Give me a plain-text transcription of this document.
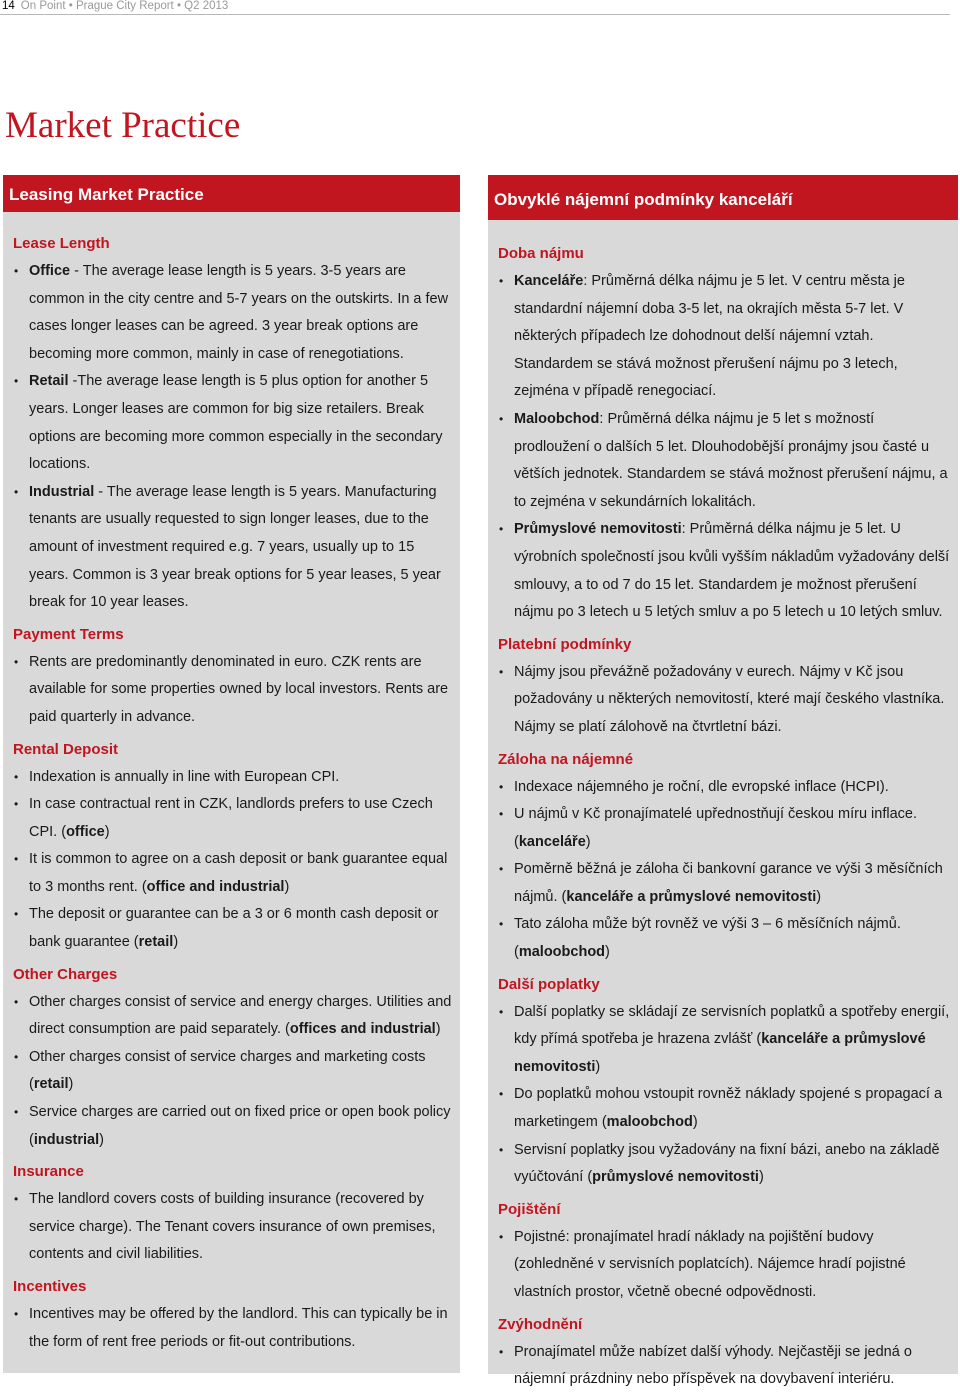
14 On Point • Prague City Report • Q2 2013
Market Practice
Leasing Market Practice
Lease Length
• Office - The average lease length is 5 years. 3-5 years are common in the city centre and 5-7 years on the outskirts. In a few cases longer leases can be agreed. 3 year break options are becoming more common, mainly in case of renegotiations.
• Retail -The average lease length is 5 plus option for another 5 years. Longer leases are common for big size retailers. Break options are becoming more common especially in the secondary locations.
• Industrial - The average lease length is 5 years. Manufacturing tenants are usually requested to sign longer leases, due to the amount of investment required e.g. 7 years, usually up to 15 years. Common is 3 year break options for 5 year leases, 5 year break for 10 year leases.
Payment Terms
• Rents are predominantly denominated in euro. CZK rents are available for some properties owned by local investors. Rents are paid quarterly in advance.
Rental Deposit
• Indexation is annually in line with European CPI.
• In case contractual rent in CZK, landlords prefers to use Czech CPI. (office)
• It is common to agree on a cash deposit or bank guarantee equal to 3 months rent. (office and industrial)
• The deposit or guarantee can be a 3 or 6 month cash deposit or bank guarantee (retail)
Other Charges
• Other charges consist of service and energy charges. Utilities and direct consumption are paid separately. (offices and industrial)
• Other charges consist of service charges and marketing costs (retail)
• Service charges are carried out on fixed price or open book policy (industrial)
Insurance
• The landlord covers costs of building insurance (recovered by service charge). The Tenant covers insurance of own premises, contents and civil liabilities.
Incentives
• Incentives may be offered by the landlord. This can typically be in the form of rent free periods or fit-out contributions.
Obvyklé nájemní podmínky kanceláří
Doba nájmu
• Kanceláře: Průměrná délka nájmu je 5 let. V centru města je standardní nájemní doba 3-5 let, na okrajích města 5-7 let. V některých případech lze dohodnout delší nájemní vztah. Standardem se stává možnost přerušení nájmu po 3 letech, zejména v případě renegociací.
• Maloobchod: Průměrná délka nájmu je 5 let s možností prodloužení o dalších 5 let. Dlouhodobější pronájmy jsou časté u větších jednotek. Standardem se stává možnost přerušení nájmu, a to zejména v sekundárních lokalitách.
• Průmyslové nemovitosti: Průměrná délka nájmu je 5 let. U výrobních společností jsou kvůli vyšším nákladům vyžadovány delší smlouvy, a to od 7 do 15 let. Standardem je možnost přerušení nájmu po 3 letech u 5 letých smluv a po 5 letech u 10 letých smluv.
Platební podmínky
• Nájmy jsou převážně požadovány v eurech. Nájmy v Kč jsou požadovány u některých nemovitostí, které mají českého vlastníka. Nájmy se platí zálohově na čtvrtletní bázi.
Záloha na nájemné
• Indexace nájemného je roční, dle evropské inflace (HCPI).
• U nájmů v Kč pronajímatelé upřednostňují českou míru inflace. (kanceláře)
• Poměrně běžná je záloha či bankovní garance ve výši 3 měsíčních nájmů. (kanceláře a průmyslové nemovitosti)
• Tato záloha může být rovněž ve výši 3 – 6 měsíčních nájmů. (maloobchod)
Další poplatky
• Další poplatky se skládají ze servisních poplatků a spotřeby energií, kdy přímá spotřeba je hrazena zvlášť (kanceláře a průmyslové nemovitosti)
• Do poplatků mohou vstoupit rovněž náklady spojené s propagací a marketingem (maloobchod)
• Servisní poplatky jsou vyžadovány na fixní bázi, anebo na základě vyúčtování (průmyslové nemovitosti)
Pojištění
• Pojistné: pronajímatel hradí náklady na pojištění budovy (zohledněné v servisních poplatcích). Nájemce hradí pojistné vlastních prostor, včetně obecné odpovědnosti.
Zvýhodnění
• Pronajímatel může nabízet další výhody. Nejčastěji se jedná o nájemní prázdniny nebo příspěvek na dovybavení interiéru.
